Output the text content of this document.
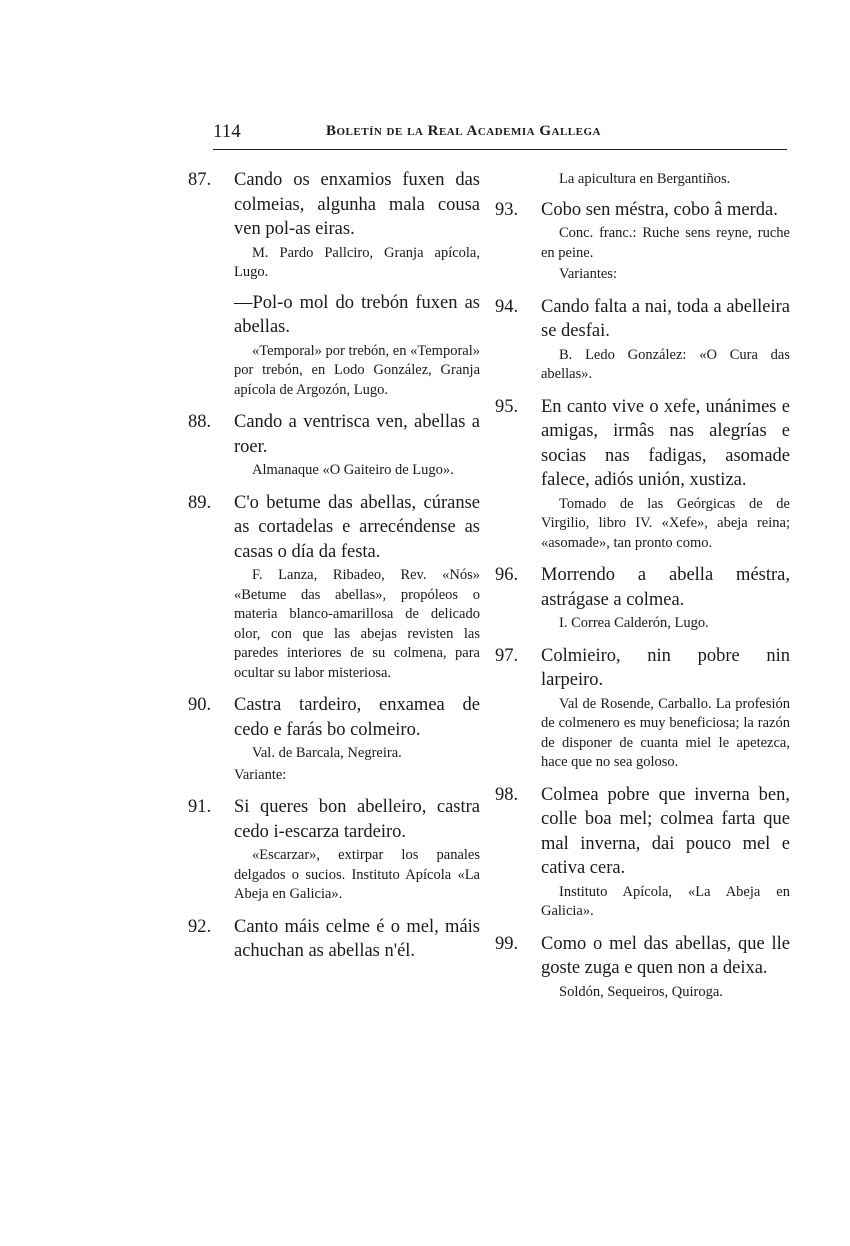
114	Boletín de la Real Academia Gallega
87.	Cando os enxamios fuxen das colmeias, algunha mala cousa ven pol-as eiras.

M. Pardo Pallciro, Granja apícola, Lugo.

—Pol-o mol do trebón fuxen as abellas.

«Temporal» por trebón, en «Temporal» por trebón, en Lodo González, Granja apícola de Argozón, Lugo.

88.	Cando a ventrisca ven, abellas a roer.

Almanaque «O Gaiteiro de Lugo».

89.	C'o betume das abellas, cúranse as cortadelas e arrecéndense as casas o día da festa.

F. Lanza, Ribadeo, Rev. «Nós» «Betume das abellas», propóleos o materia blanco-amarillosa de delicado olor, con que las abejas revisten las paredes interiores de su colmena, para ocultar su labor misteriosa.

90.	Castra tardeiro, enxamea de cedo e farás bo colmeiro.

Val. de Barcala, Negreira.

Variante:

91.	Si queres bon abelleiro, castra cedo i-escarza tardeiro.

«Escarzar», extirpar los panales delgados o sucios. Instituto Apícola «La Abeja en Galicia».

92.	Canto máis celme é o mel, máis achuchan as abellas n'él.

La apicultura en Bergantiños.

93.	Cobo sen méstra, cobo â merda.

Conc. franc.: Ruche sens reyne, ruche en peine.

Variantes:

94.	Cando falta a nai, toda a abelleira se desfai.

B. Ledo González: «O Cura das abellas».

95.	En canto vive o xefe, unánimes e amigas, irmâs nas alegrías e socias nas fadigas, asomade falece, adiós unión, xustiza.

Tomado de las Geórgicas de de Virgilio, libro IV. «Xefe», abeja reina; «asomade», tan pronto como.

96.	Morrendo a abella méstra, astrágase a colmea.

I. Correa Calderón, Lugo.

97.	Colmieiro, nin pobre nin larpeiro.

Val de Rosende, Carballo. La profesión de colmenero es muy beneficiosa; la razón de disponer de cuanta miel le apetezca, hace que no sea goloso.

98.	Colmea pobre que inverna ben, colle boa mel; colmea farta que mal inverna, dai pouco mel e cativa cera.

Instituto Apícola, «La Abeja en Galicia».

99.	Como o mel das abellas, que lle goste zuga e quen non a deixa.

Soldón, Sequeiros, Quiroga.
